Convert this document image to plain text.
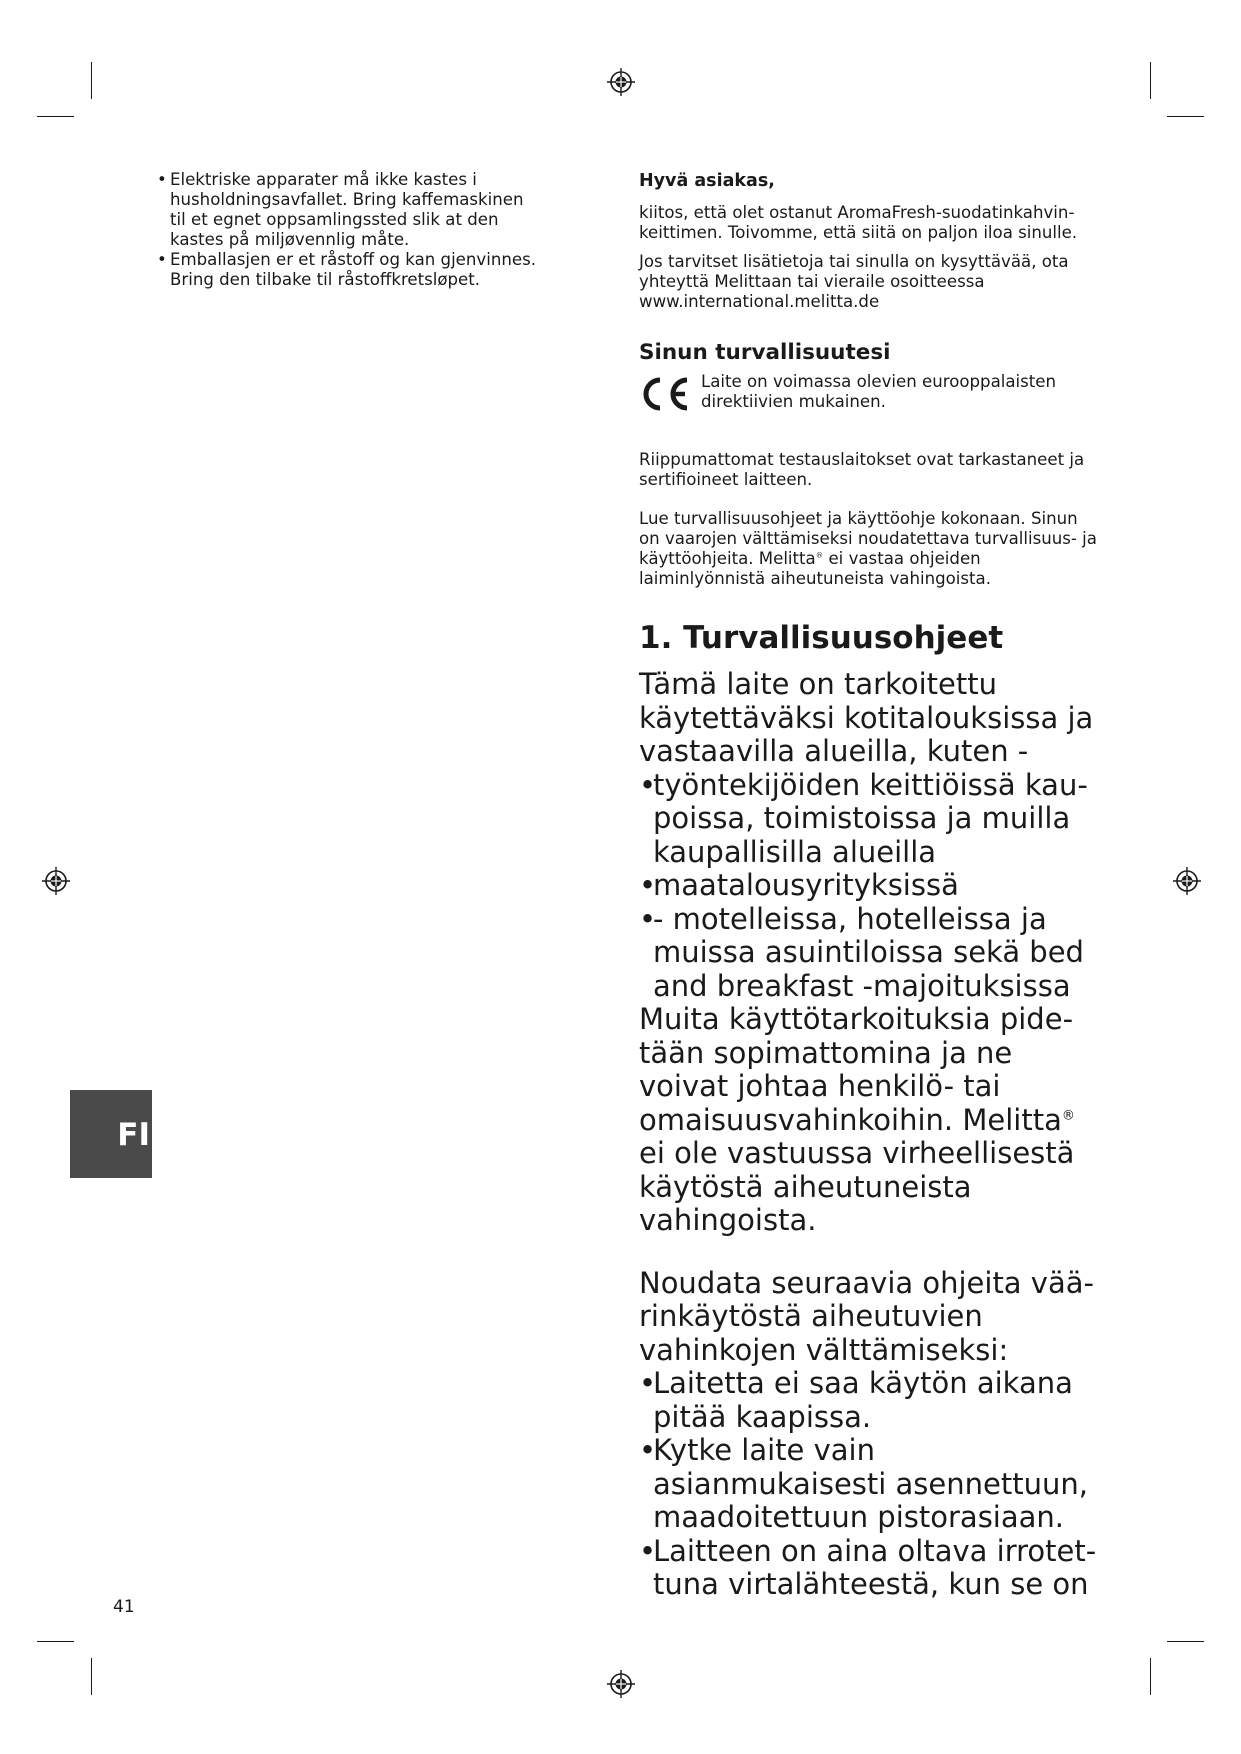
• Elektriske apparater må ikke kastes i husholdningsavfallet. Bring kaffemaskinen til et egnet oppsamlingssted slik at den kastes på miljøvennlig måte.
• Emballasjen er et råstoff og kan gjenvinnes. Bring den tilbake til råstoffkretsløpet.

Hyvä asiakas,

kiitos, että olet ostanut AromaFresh-suodatinkahvinkeittimen. Toivomme, että siitä on paljon iloa sinulle.

Jos tarvitset lisätietoja tai sinulla on kysyttävää, ota yhteyttä Melittaan tai vieraile osoitteessa www.international.melitta.de

Sinun turvallisuutesi

Laite on voimassa olevien eurooppalaisten direktiivien mukainen.

Riippumattomat testauslaitokset ovat tarkastaneet ja sertifioineet laitteen.

Lue turvallisuusohjeet ja käyttöohje kokonaan. Sinun on vaarojen välttämiseksi noudatettava turvallisuus- ja käyttöohjeita. Melitta® ei vastaa ohjeiden laiminlyönnistä aiheutuneista vahingoista.

1. Turvallisuusohjeet

Tämä laite on tarkoitettu käytettäväksi kotitalouksissa ja vastaavilla alueilla, kuten -

•
työntekijöiden keittiöissä kaupoissa, toimistoissa ja muilla kaupallisilla alueilla
•
maatalousyrityksissä
•
- motelleissa, hotelleissa ja muissa asuintiloissa sekä bed and breakfast -majoituksissa

Muita käyttötarkoituksia pidetään sopimattomina ja ne voivat johtaa henkilö- tai omaisuusvahinkoihin. Melitta® ei ole vastuussa virheellisestä käytöstä aiheutuneista vahingoista.

Noudata seuraavia ohjeita väärinkäytöstä aiheutuvien vahinkojen välttämiseksi:

•
Laitetta ei saa käytön aikana pitää kaapissa.
•
Kytke laite vain asianmukaisesti asennettuun, maadoitettuun pistorasiaan.
•
Laitteen on aina oltava irrotettuna virtalähteestä, kun se on
FI
41
